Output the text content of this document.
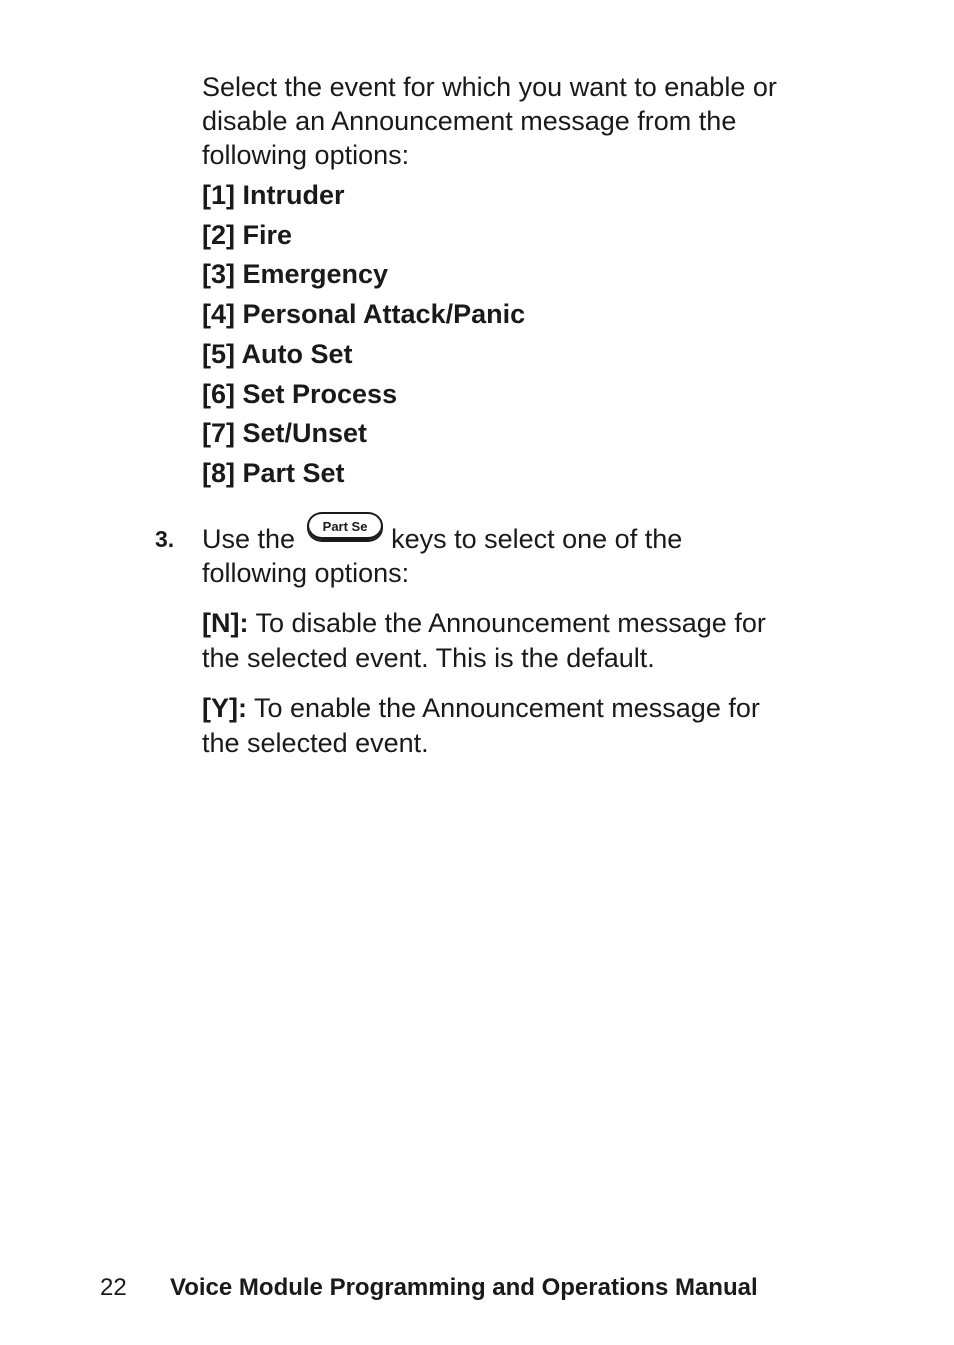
Select the event for which you want to enable or disable an Announcement message from the following options:

[1] Intruder
[2] Fire
[3] Emergency
[4] Personal Attack/Panic
[5] Auto Set
[6] Set Process
[7] Set/Unset
[8] Part Set
3. Use the Part Se keys to select one of the following options:

[N]: To disable the Announcement message for the selected event. This is the default.

[Y]: To enable the Announcement message for the selected event.

22 Voice Module Programming and Operations Manual
